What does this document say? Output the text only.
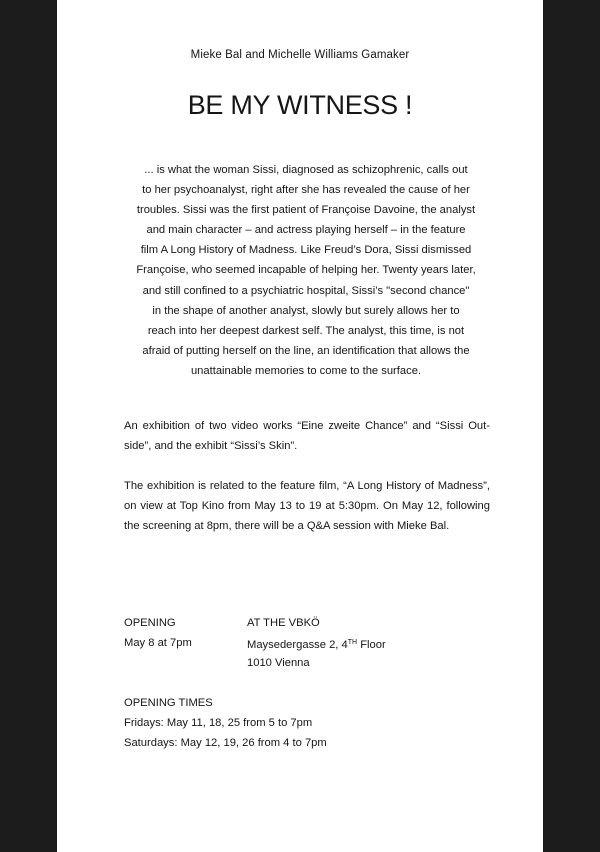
Mieke Bal and Michelle Williams Gamaker
BE MY WITNESS !

... is what the woman Sissi, diagnosed as schizophrenic, calls out
to her psychoanalyst, right after she has revealed the cause of her
troubles. Sissi was the first patient of Françoise Davoine, the analyst
and main character – and actress playing herself – in the feature
film A Long History of Madness. Like Freud’s Dora, Sissi dismissed
Françoise, who seemed incapable of helping her. Twenty years later,
and still confined to a psychiatric hospital, Sissi’s "second chance"
in the shape of another analyst, slowly but surely allows her to
reach into her deepest darkest self. The analyst, this time, is not
afraid of putting herself on the line, an identification that allows the
unattainable memories to come to the surface.

An exhibition of two video works “Eine zweite Chance” and “Sissi Out-side”, and the exhibit “Sissi’s Skin”.

The exhibition is related to the feature film, “A Long History of Madness”, on view at Top Kino from May 13 to 19 at 5:30pm. On May 12, following the screening at 8pm, there will be a Q&A session with Mieke Bal.

OPENING	AT THE VBKÖ
May 8 at 7pm	Maysedergasse 2, 4TH Floor
1010 Vienna
OPENING TIMES
Fridays: May 11, 18, 25 from 5 to 7pm
Saturdays: May 12, 19, 26 from 4 to 7pm
